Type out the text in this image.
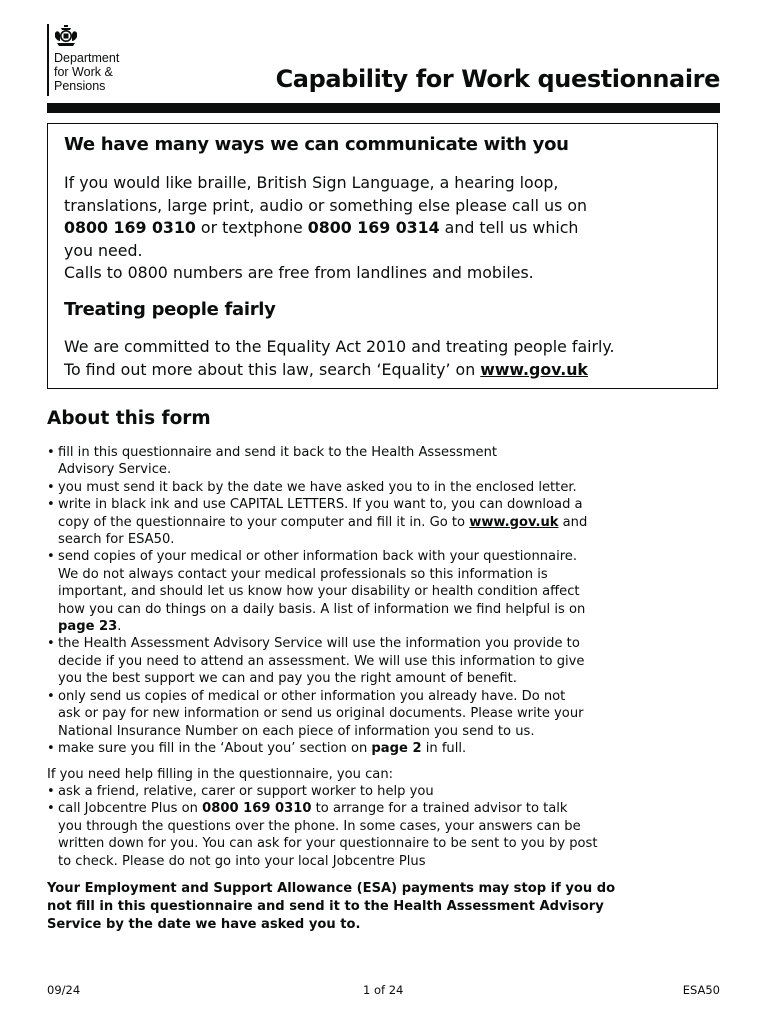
Department
for Work &
Pensions	Capability for Work questionnaire
We have many ways we can communicate with you
If you would like braille, British Sign Language, a hearing loop,
translations, large print, audio or something else please call us on
0800 169 0310 or textphone 0800 169 0314 and tell us which
you need.
Calls to 0800 numbers are free from landlines and mobiles.
Treating people fairly
We are committed to the Equality Act 2010 and treating people fairly.
To find out more about this law, search ‘Equality’ on www.gov.uk
About this form
• fill in this questionnaire and send it back to the Health Assessment
Advisory Service.
• you must send it back by the date we have asked you to in the enclosed letter.
• write in black ink and use CAPITAL LETTERS. If you want to, you can download a
copy of the questionnaire to your computer and fill it in. Go to www.gov.uk and
search for ESA50.
• send copies of your medical or other information back with your questionnaire.
We do not always contact your medical professionals so this information is
important, and should let us know how your disability or health condition affect
how you can do things on a daily basis. A list of information we find helpful is on
page 23.
• the Health Assessment Advisory Service will use the information you provide to
decide if you need to attend an assessment. We will use this information to give
you the best support we can and pay you the right amount of benefit.
• only send us copies of medical or other information you already have. Do not
ask or pay for new information or send us original documents. Please write your
National Insurance Number on each piece of information you send to us.
• make sure you fill in the ‘About you’ section on page 2 in full.
If you need help filling in the questionnaire, you can:
• ask a friend, relative, carer or support worker to help you
• call Jobcentre Plus on 0800 169 0310 to arrange for a trained advisor to talk
you through the questions over the phone. In some cases, your answers can be
written down for you. You can ask for your questionnaire to be sent to you by post
to check. Please do not go into your local Jobcentre Plus
Your Employment and Support Allowance (ESA) payments may stop if you do
not fill in this questionnaire and send it to the Health Assessment Advisory
Service by the date we have asked you to.
09/24	1 of 24	ESA50
